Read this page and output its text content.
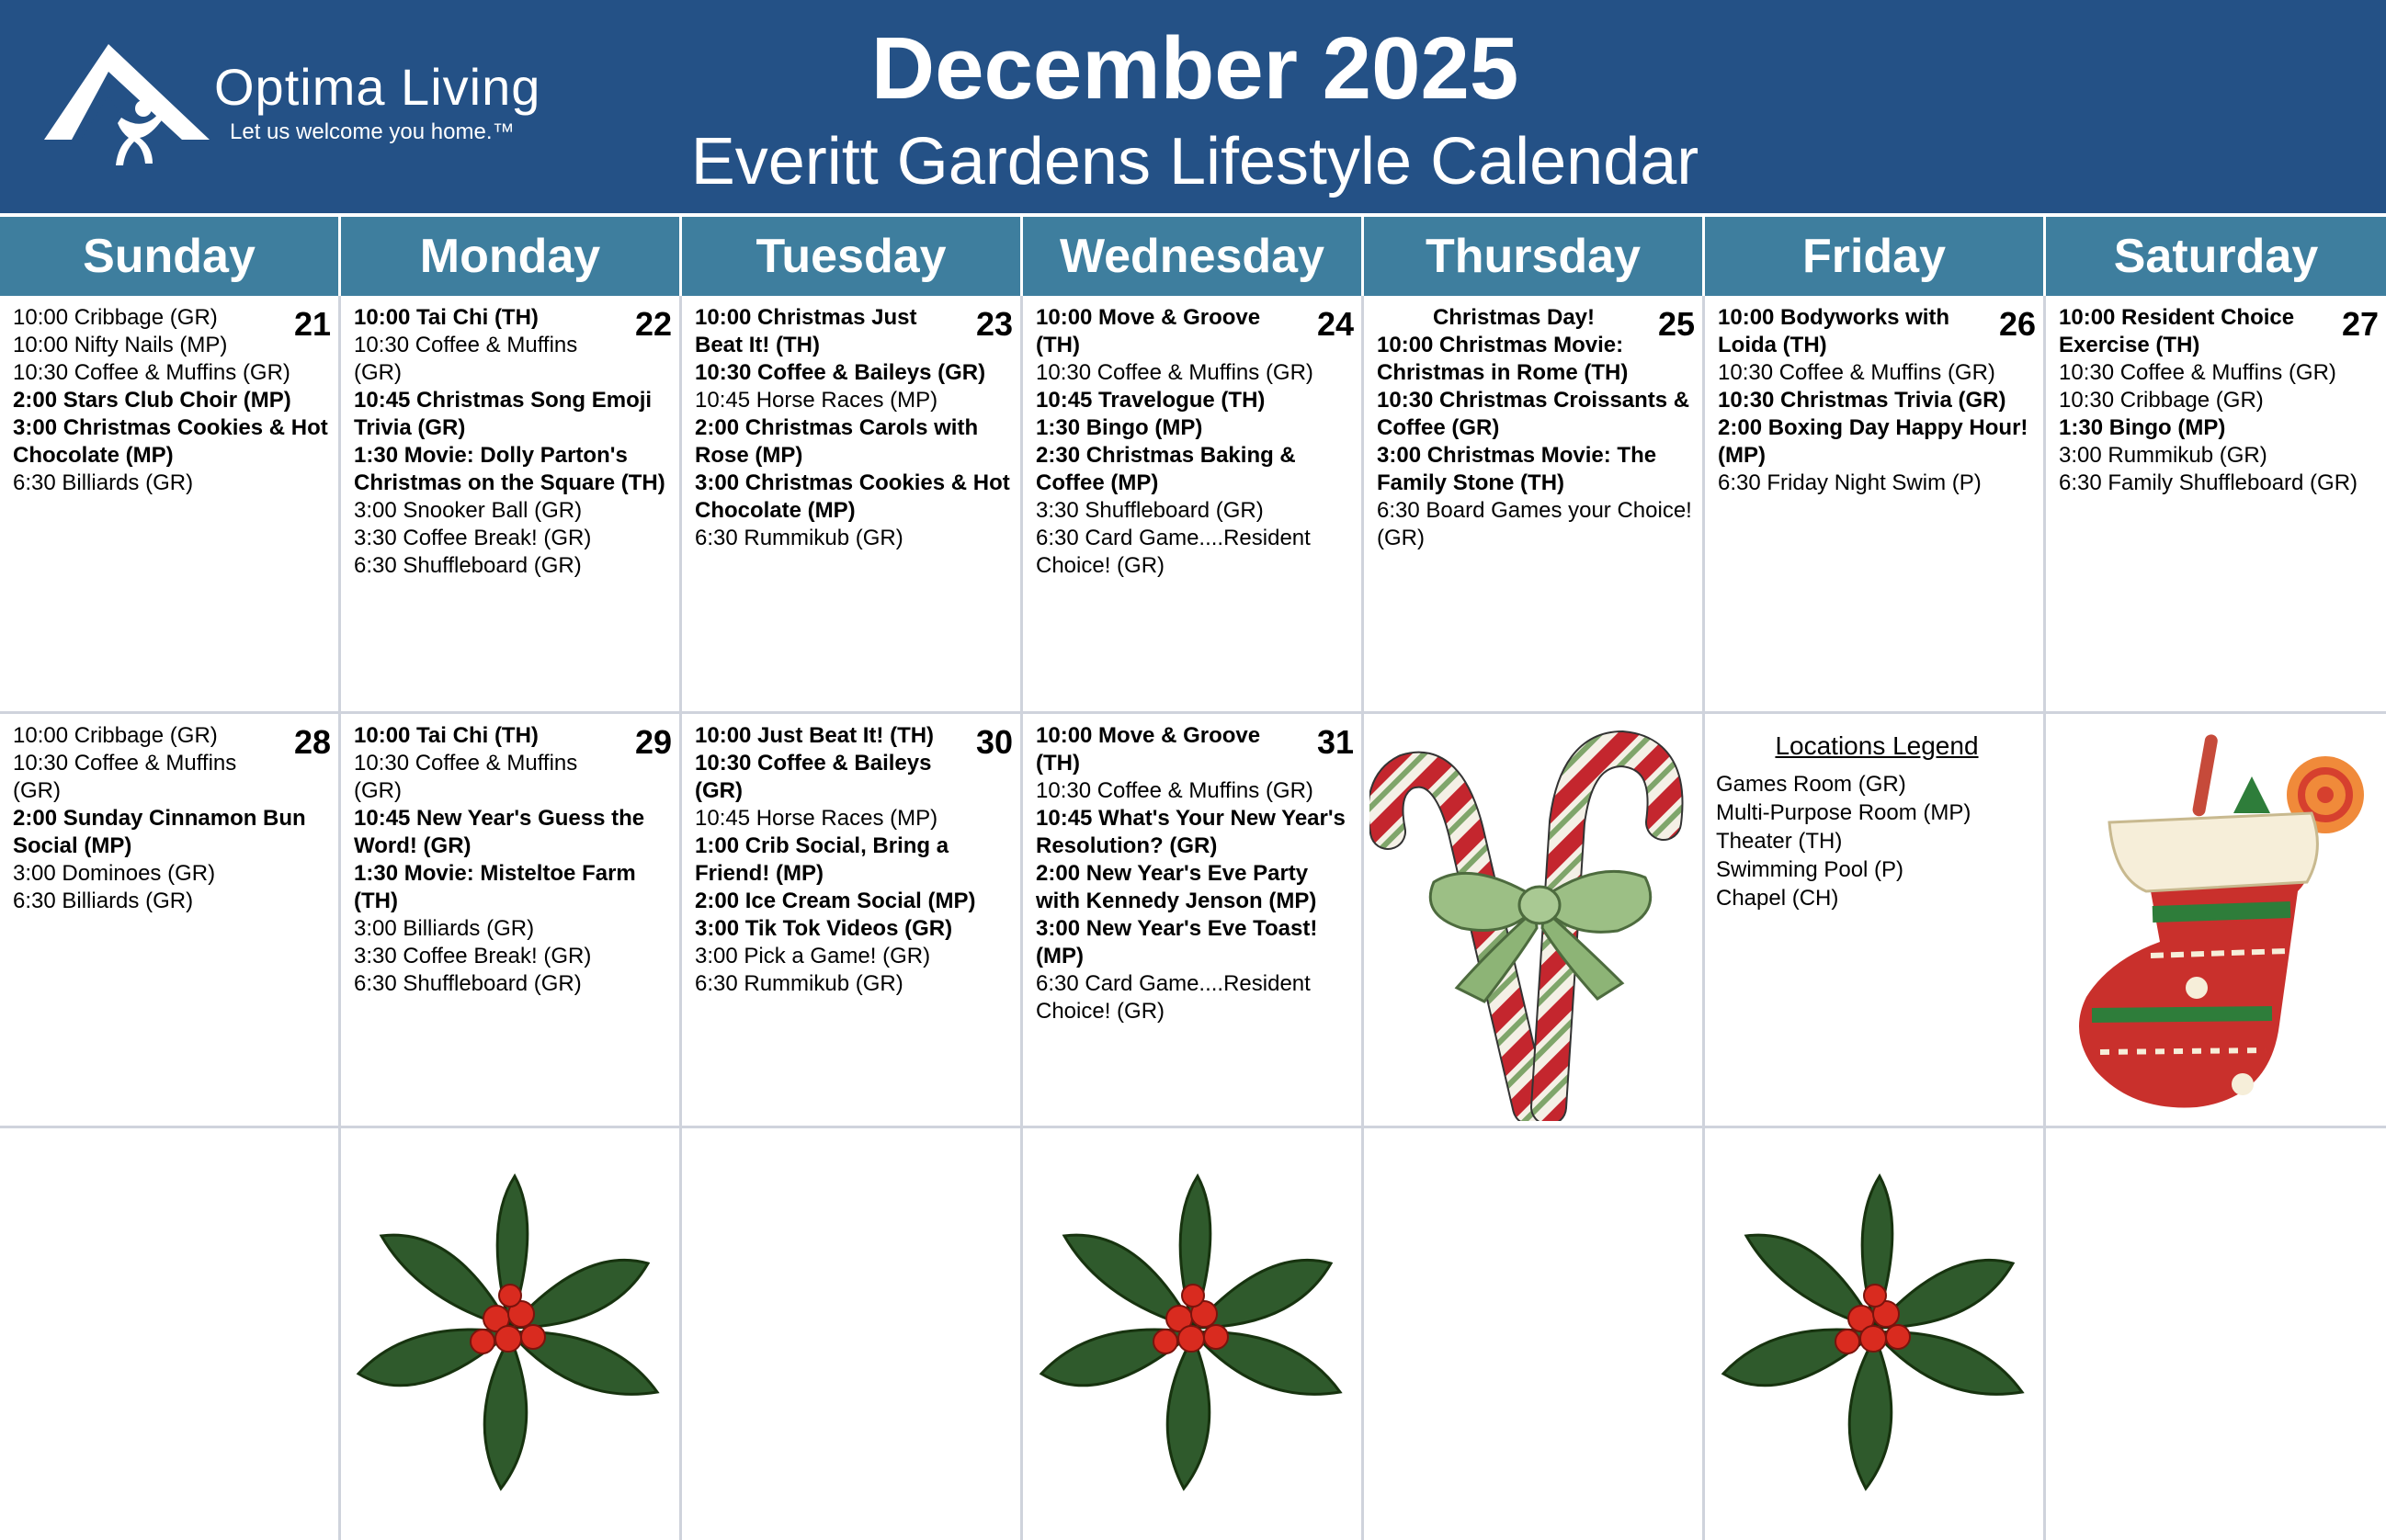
Optima Living
Let us welcome you home.™
December 2025
Everitt Gardens Lifestyle Calendar
Sunday	Monday	Tuesday	Wednesday	Thursday	Friday	Saturday
21
10:00 Cribbage (GR)
10:00 Nifty Nails (MP)
10:30 Coffee & Muffins (GR)
2:00 Stars Club Choir (MP)
3:00 Christmas Cookies & Hot Chocolate (MP)
6:30 Billiards (GR)
22
10:00 Tai Chi (TH)
10:30 Coffee & Muffins (GR)
10:45 Christmas Song Emoji Trivia (GR)
1:30 Movie: Dolly Parton's Christmas on the Square (TH)
3:00 Snooker Ball (GR)
3:30 Coffee Break! (GR)
6:30 Shuffleboard (GR)
23
10:00 Christmas Just Beat It! (TH)
10:30 Coffee & Baileys (GR)
10:45 Horse Races (MP)
2:00 Christmas Carols with Rose (MP)
3:00 Christmas Cookies & Hot Chocolate (MP)
6:30 Rummikub (GR)
24
10:00 Move & Groove (TH)
10:30 Coffee & Muffins (GR)
10:45 Travelogue (TH)
1:30 Bingo (MP)
2:30 Christmas Baking & Coffee (MP)
3:30 Shuffleboard (GR)
6:30 Card Game....Resident Choice! (GR)
25
Christmas Day!
10:00 Christmas Movie: Christmas in Rome (TH)
10:30 Christmas Croissants & Coffee (GR)
3:00 Christmas Movie: The Family Stone (TH)
6:30 Board Games your Choice! (GR)
26
10:00 Bodyworks with Loida (TH)
10:30 Coffee & Muffins (GR)
10:30 Christmas Trivia (GR)
2:00 Boxing Day Happy Hour! (MP)
6:30 Friday Night Swim (P)
27
10:00 Resident Choice Exercise (TH)
10:30 Coffee & Muffins (GR)
10:30 Cribbage (GR)
1:30 Bingo (MP)
3:00 Rummikub (GR)
6:30 Family Shuffleboard (GR)
28
10:00 Cribbage (GR)
10:30 Coffee & Muffins (GR)
2:00 Sunday Cinnamon Bun Social (MP)
3:00 Dominoes (GR)
6:30 Billiards (GR)
29
10:00 Tai Chi (TH)
10:30 Coffee & Muffins (GR)
10:45 New Year's Guess the Word! (GR)
1:30 Movie: Misteltoe Farm (TH)
3:00 Billiards (GR)
3:30 Coffee Break! (GR)
6:30 Shuffleboard (GR)
30
10:00 Just Beat It! (TH)
10:30 Coffee & Baileys (GR)
10:45 Horse Races (MP)
1:00 Crib Social, Bring a Friend! (MP)
2:00 Ice Cream Social (MP)
3:00 Tik Tok Videos (GR)
3:00 Pick a Game! (GR)
6:30 Rummikub (GR)
31
10:00 Move & Groove (TH)
10:30 Coffee & Muffins (GR)
10:45 What's Your New Year's Resolution? (GR)
2:00 New Year's Eve Party with Kennedy Jenson (MP)
3:00 New Year's Eve Toast! (MP)
6:30 Card Game....Resident Choice! (GR)
Locations Legend
Games Room (GR)
Multi-Purpose Room (MP)
Theater (TH)
Swimming Pool (P)
Chapel (CH)
